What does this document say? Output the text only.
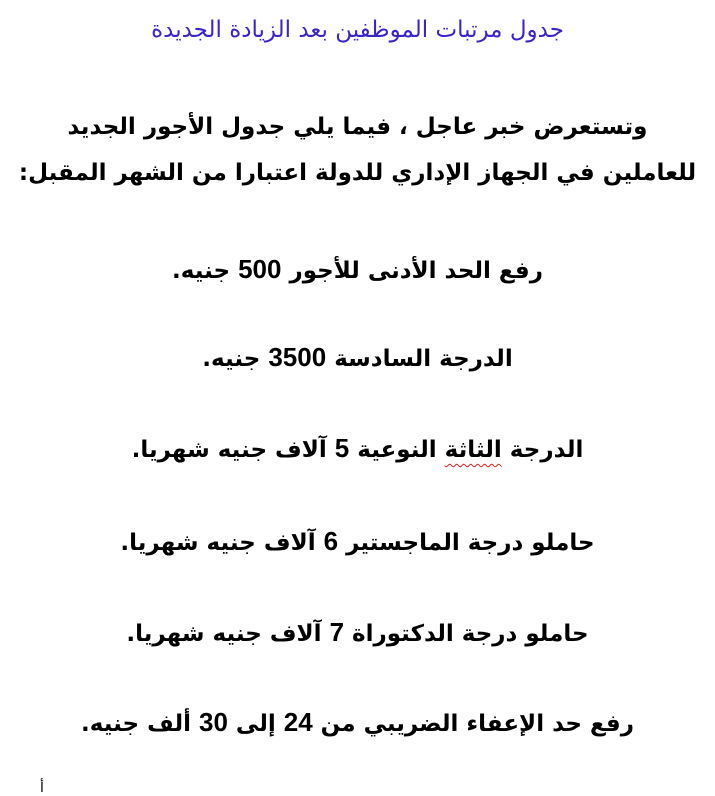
جدول مرتبات الموظفين بعد الزيادة الجديدة

وتستعرض خبر عاجل ، فيما يلي جدول الأجور الجديد
للعاملين في الجهاز الإداري للدولة اعتبارا من الشهر المقبل:

رفع الحد الأدنى للأجور 500 جنيه.

الدرجة السادسة 3500 جنيه.

الدرجة الثاثة النوعية 5 آلاف جنيه شهريا.

حاملو درجة الماجستير 6 آلاف جنيه شهريا.

حاملو درجة الدكتوراة 7 آلاف جنيه شهريا.

رفع حد الإعفاء الضريبي من 24 إلى 30 ألف جنيه.

أ
